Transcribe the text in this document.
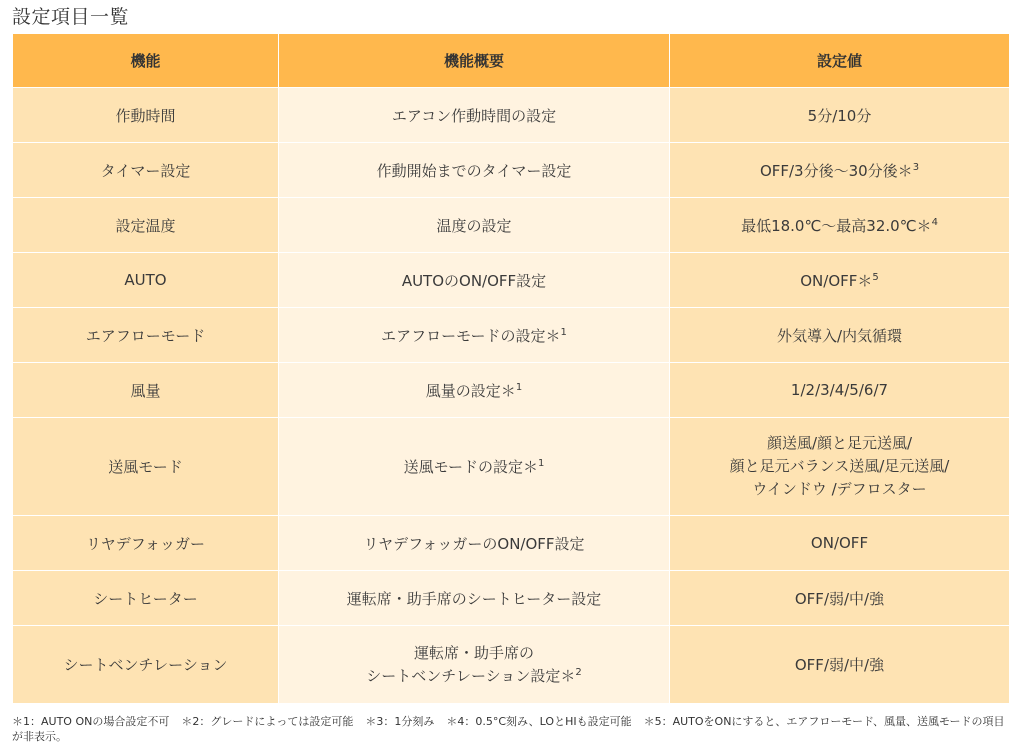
設定項目一覧
機能	機能概要	設定値
作動時間	エアコン作動時間の設定	5分/10分

タイマー設定	作動開始までのタイマー設定	OFF/3分後～30分後＊$^3$

設定温度	温度の設定	最低18.0℃～最高32.0℃＊$^4$

AUTO	AUTOのON/OFF設定	ON/OFF＊$^5$

エアフローモード	エアフローモードの設定＊$^1$	外気導入/内気循環

風量	風量の設定＊$^1$	1/2/3/4/5/6/7

送風モード	送風モードの設定＊$^1$	顔送風/顔と足元送風/
顔と足元バランス送風/足元送風/
ウインドウ /デフロスター

リヤデフォッガー	リヤデフォッガーのON/OFF設定	ON/OFF

シートヒーター	運転席・助手席のシートヒーター設定	OFF/弱/中/強

シートベンチレーション	運転席・助手席の
シートベンチレーション設定＊$^2$	OFF/弱/中/強
＊1：AUTO ONの場合設定不可 ＊2：グレードによっては設定可能 ＊3：1分刻み ＊4：0.5°C刻み、LOとHIも設定可能 ＊5：AUTOをONにすると、エアフローモード、風量、送風モードの項目が非表示。
